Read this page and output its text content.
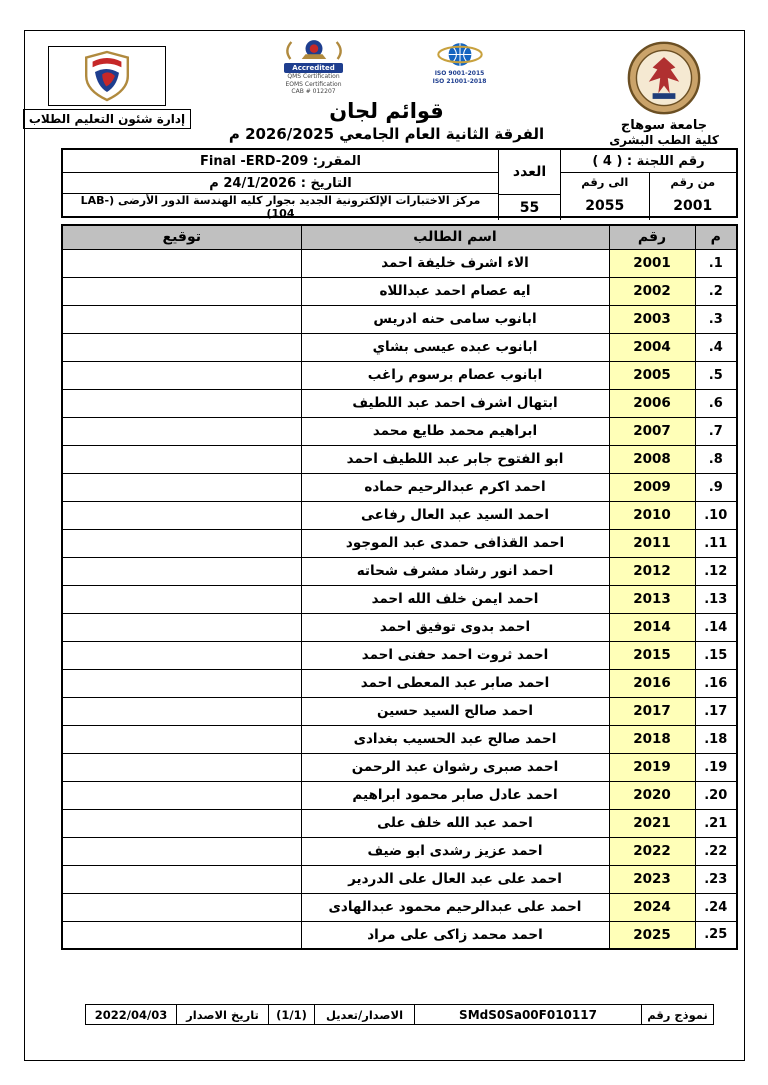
جامعة سوهاج
كلية الطب البشرى
ISO 9001-2015
ISO 21001-2018
Accredited
QMS Certification
EOMS Certification
CAB # 012207
قوائم لجان
الفرقة الثانية العام الجامعي 2026/2025 م
إدارة شئون التعليم الطلاب
رقم اللجنة : ( 4 )
من رقم
الى رقم
2001
2055
العدد
55
المقرر: Final -ERD-209
التاريخ : 24/1/2026 م
مركز الاختبارات الإلكترونية الجديد بجوار كليه الهندسة الدور الأرضى (LAB-104)
م	رقم	اسم الطالب	توقيع
1.	2001	الاء اشرف خليفة احمد	
2.	2002	ايه عصام احمد عبداللاه	
3.	2003	ابانوب سامى حنه ادريس	
4.	2004	ابانوب عبده عيسى بشاي	
5.	2005	ابانوب عصام برسوم راغب	
6.	2006	ابتهال اشرف احمد عبد اللطيف	
7.	2007	ابراهيم محمد طايع محمد	
8.	2008	ابو الفتوح جابر عبد اللطيف احمد	
9.	2009	احمد اكرم عبدالرحيم حماده	
10.	2010	احمد السيد عبد العال رفاعى	
11.	2011	احمد القذافى حمدى عبد الموجود	
12.	2012	احمد انور رشاد مشرف شحاته	
13.	2013	احمد ايمن خلف الله احمد	
14.	2014	احمد بدوى توفيق احمد	
15.	2015	احمد ثروت احمد حفنى احمد	
16.	2016	احمد صابر عبد المعطى احمد	
17.	2017	احمد صالح السيد حسين	
18.	2018	احمد صالح عبد الحسيب بغدادى	
19.	2019	احمد صبرى رشوان عبد الرحمن	
20.	2020	احمد عادل صابر محمود ابراهيم	
21.	2021	احمد عبد الله خلف على	
22.	2022	احمد عزيز رشدى ابو ضيف	
23.	2023	احمد على عبد العال على الدردير	
24.	2024	احمد على عبدالرحيم محمود عبدالهادى	
25.	2025	احمد محمد زاكى على مراد	
نموذج رقم
SMdS0Sa00F010117
الاصدار/تعديل
(1/1)
تاريخ الاصدار
2022/04/03
